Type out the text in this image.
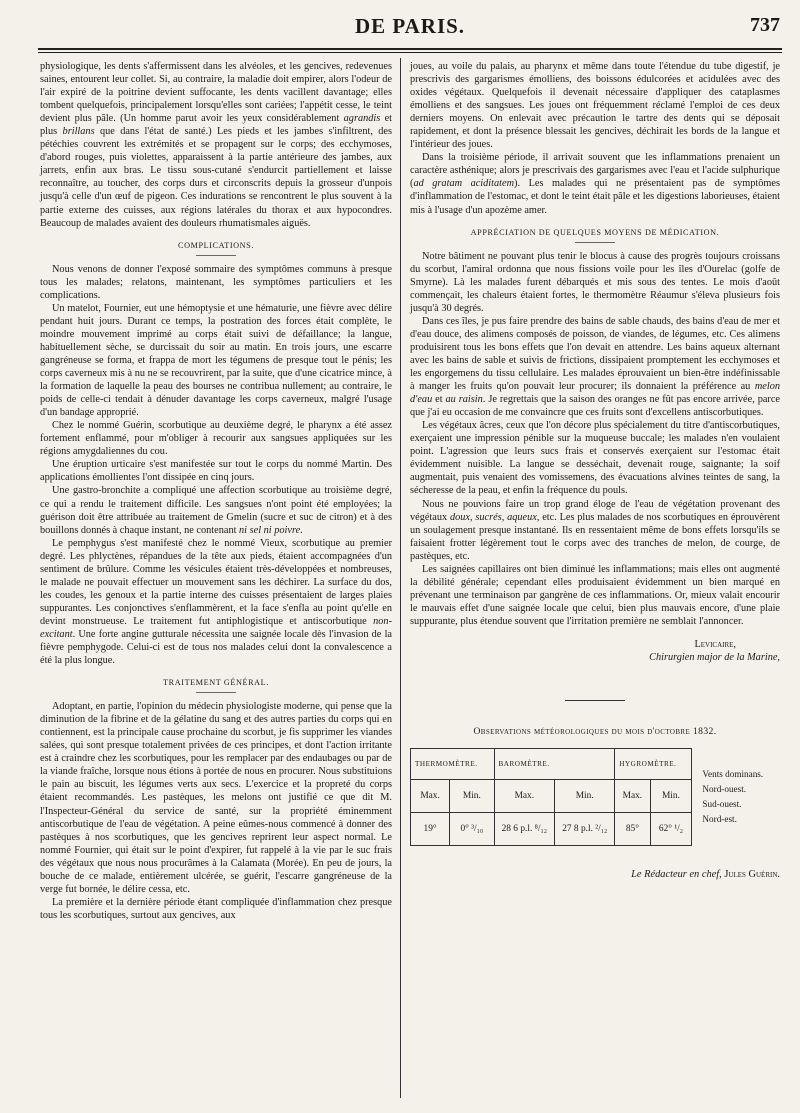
DE PARIS.	737

physiologique, les dents s'affermissent dans les alvéoles, et les gencives, redevenues saines, entourent leur collet. Si, au contraire, la maladie doit empirer, alors l'odeur de l'air expiré de la poitrine devient suffocante, les dents vacillent davantage; elles tombent quelquefois, principalement lorsqu'elles sont cariées; l'appétit cesse, le teint devient plus pâle. (Un homme parut avoir les yeux considérablement agrandis et plus brillans que dans l'état de santé.) Les pieds et les jambes s'infiltrent, des pétéchies couvrent les extrémités et se propagent sur le corps; des ecchymoses, d'abord rouges, puis violettes, apparaissent à la partie antérieure des jambes, aux jarrets, enfin aux bras. Le tissu sous-cutané s'endurcit partiellement et laisse reconnaître, au toucher, des corps durs et circonscrits depuis la grosseur d'unpois jusqu'à celle d'un œuf de pigeon. Ces indurations se rencontrent le plus souvent à la partie externe des cuisses, aux régions latérales du thorax et aux hypocondres. Beaucoup de malades avaient des douleurs rhumatismales aiguës.

COMPLICATIONS.

Nous venons de donner l'exposé sommaire des symptômes communs à presque tous les malades; relatons, maintenant, les symptômes particuliers et les complications.

Un matelot, Fournier, eut une hémoptysie et une hématurie, une fièvre avec délire pendant huit jours. Durant ce temps, la postration des forces était complète, le moindre mouvement imprimé au corps était suivi de défaillance; la langue, habituellement sèche, se durcissait du soir au matin. En trois jours, une escarre gangréneuse se forma, et frappa de mort les tégumens de presque tout le pénis; les corps caverneux mis à nu ne se recouvrirent, par la suite, que d'une cicatrice mince, à la formation de laquelle la peau des bourses ne contribua nullement; au contraire, le poids de celle-ci tendait à dénuder davantage les corps caverneux, malgré l'usage d'un bandage approprié.

Chez le nommé Guérin, scorbutique au deuxième degré, le pharynx a été assez fortement enflammé, pour m'obliger à recourir aux sangsues appliquées sur les régions amygdaliennes du cou.

Une éruption urticaire s'est manifestée sur tout le corps du nommé Martin. Des applications émollientes l'ont dissipée en cinq jours.

Une gastro-bronchite a compliqué une affection scorbutique au troisième degré, ce qui a rendu le traitement difficile. Les sangsues n'ont point été employées; la guérison doit être attribuée au traitement de Gmelin (sucre et suc de citron) et à des bouillons donnés à chaque instant, ne contenant ni sel ni poivre.

Le pemphygus s'est manifesté chez le nommé Vieux, scorbutique au premier degré. Les phlyctènes, répandues de la tête aux pieds, étaient accompagnées d'un sentiment de brûlure. Comme les vésicules étaient très-développées et nombreuses, le malade ne pouvait effectuer un mouvement sans les déchirer. La surface du dos, les coudes, les genoux et la partie interne des cuisses présentaient de larges plaies suppurantes. Les conjonctives s'enflammèrent, et la face s'enfla au point qu'elle en devint monstrueuse. Le traitement fut antiphlogistique et antiscorbutique non-excitant. Une forte angine gutturale nécessita une saignée locale dès l'invasion de la fièvre pemphygode. Celui-ci est de tous nos malades celui dont la convalescence a été la plus longue.

TRAITEMENT GÉNÉRAL.

Adoptant, en partie, l'opinion du médecin physiologiste moderne, qui pense que la diminution de la fibrine et de la gélatine du sang et des autres parties du corps qui en contiennent, est la principale cause prochaine du scorbut, je fis supprimer les viandes salées, qui sont presque totalement privées de ces principes, et dont l'action irritante est à craindre chez les scorbutiques, pour les remplacer par des endaubages ou par de la viande fraîche, lorsque nous étions à portée de nous en procurer. Nous substituions le pain au biscuit, les légumes verts aux secs. L'exercice et la propreté du corps étaient recommandés. Les pastèques, les melons ont justifié ce que dit M. l'Inspecteur-Général du service de santé, sur la propriété éminemment antiscorbutique de l'eau de végétation. A peine eûmes-nous commencé à donner des pastèques à nos scorbutiques, que les gencives reprirent leur aspect normal. Le nommé Fournier, qui était sur le point d'expirer, fut rappelé à la vie par le suc frais des végétaux que nous nous procurâmes à la Calamata (Morée). En peu de jours, la bouche de ce malade, entièrement ulcérée, se guérit, l'escarre gangréneuse de la verge fut bornée, le délire cessa, etc.

La première et la dernière période étant compliquée d'inflammation chez presque tous les scorbutiques, surtout aux gencives, aux

joues, au voile du palais, au pharynx et même dans toute l'étendue du tube digestif, je prescrivis des gargarismes émolliens, des boissons édulcorées et acidulées avec des oxides végétaux. Quelquefois il devenait nécessaire d'appliquer des cataplasmes émolliens et des sangsues. Les joues ont fréquemment réclamé l'emploi de ces deux derniers moyens. On enlevait avec précaution le tartre des dents qui se déposait rapidement, et dont la présence blessait les gencives, déchirait les bords de la langue et l'intérieur des joues.

Dans la troisième période, il arrivait souvent que les inflammations prenaient un caractère asthénique; alors je prescrivais des gargarismes avec l'eau et l'acide sulphurique (ad gratam aciditatem). Les malades qui ne présentaient pas de symptômes d'inflammation de l'estomac, et dont le teint était pâle et les digestions laborieuses, étaient mis à l'usage d'un apozème amer.

APPRÉCIATION DE QUELQUES MOYENS DE MÉDICATION.

Notre bâtiment ne pouvant plus tenir le blocus à cause des progrès toujours croissans du scorbut, l'amiral ordonna que nous fissions voile pour les îles d'Ourelac (golfe de Smyrne). Là les malades furent débarqués et mis sous des tentes. Le mois d'août commençait, les chaleurs étaient fortes, le thermomètre Réaumur s'éleva plusieurs fois jusqu'à 30 degrés.

Dans ces îles, je pus faire prendre des bains de sable chauds, des bains d'eau de mer et d'eau douce, des alimens composés de poisson, de viandes, de légumes, etc. Ces alimens produisirent tous les bons effets que l'on devait en attendre. Les bains aqueux alternant avec les bains de sable et suivis de frictions, dissipaient promptement les ecchymoses et les engorgemens du tissu cellulaire. Les malades éprouvaient un bien-être indéfinissable à manger les fruits qu'on pouvait leur procurer; ils donnaient la préférence au melon d'eau et au raisin. Je regrettais que la saison des oranges ne fût pas encore arrivée, parce que j'ai eu occasion de me convaincre que ces fruits sont d'excellens antiscorbutiques.

Les végétaux âcres, ceux que l'on décore plus spécialement du titre d'antiscorbutiques, exerçaient une impression pénible sur la muqueuse buccale; les malades n'en voulaient point. L'agression que leurs sucs frais et conservés exerçaient sur l'estomac était évidemment nuisible. La langue se desséchait, devenait rouge, saignante; la soif augmentait, puis venaient des vomissemens, des évacuations alvines teintes de sang, la sécheresse de la peau, et enfin la fréquence du pouls.

Nous ne pouvions faire un trop grand éloge de l'eau de végétation provenant des végétaux doux, sucrés, aqueux, etc. Les plus malades de nos scorbutiques en éprouvèrent un soulagement presque instantané. Ils en ressentaient même de bons effets lorsqu'ils se faisaient frotter légèrement tout le corps avec des tranches de melon, de courge, de pastèques, etc.

Les saignées capillaires ont bien diminué les inflammations; mais elles ont augmenté la débilité générale; cependant elles produisaient évidemment un bien marqué en prévenant une terminaison par gangrène de ces inflammations. Or, mieux valait encourir le mauvais effet d'une saignée locale que celui, bien plus mauvais encore, d'une plaie suppurante, plus étendue souvent que l'irritation première ne semblait l'annoncer.

Levicaire,
Chirurgien major de la Marine,
Observations météorologiques du mois d'octobre 1832.
THERMOMÈTRE.		BAROMÈTRE.		HYGROMÈTRE.		Vents dominans.
Nord-ouest.
Sud-ouest.
Nord-est.

Max.	Min.	Max.	Min.	Max.	Min.	
19°	0° ³/₁₀	28 6 p.l. ⁸/₁₂	27 8 p.l. ²/₁₂	85°	62° ¹/₂	
Le Rédacteur en chef, Jules Guérin.
